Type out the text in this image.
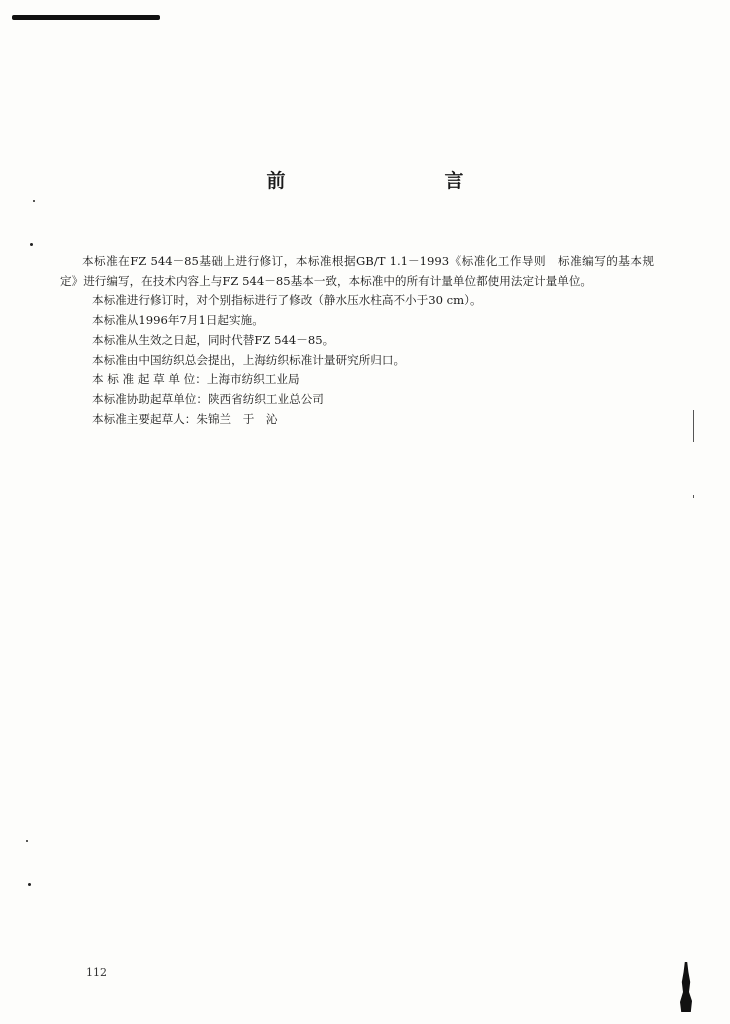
前　言

本标准在FZ 544－85基础上进行修订，本标准根据GB/T 1.1－1993《标准化工作导则　标准编写的基本规定》进行编写，在技术内容上与FZ 544－85基本一致，本标准中的所有计量单位都使用法定计量单位。

本标准进行修订时，对个别指标进行了修改（静水压水柱高不小于30 cm）。

本标准从1996年7月1日起实施。

本标准从生效之日起，同时代替FZ 544－85。

本标准由中国纺织总会提出，上海纺织标准计量研究所归口。

本 标 准 起 草 单 位：上海市纺织工业局

本标准协助起草单位：陕西省纺织工业总公司

本标准主要起草人：朱锦兰　于　沁

112
